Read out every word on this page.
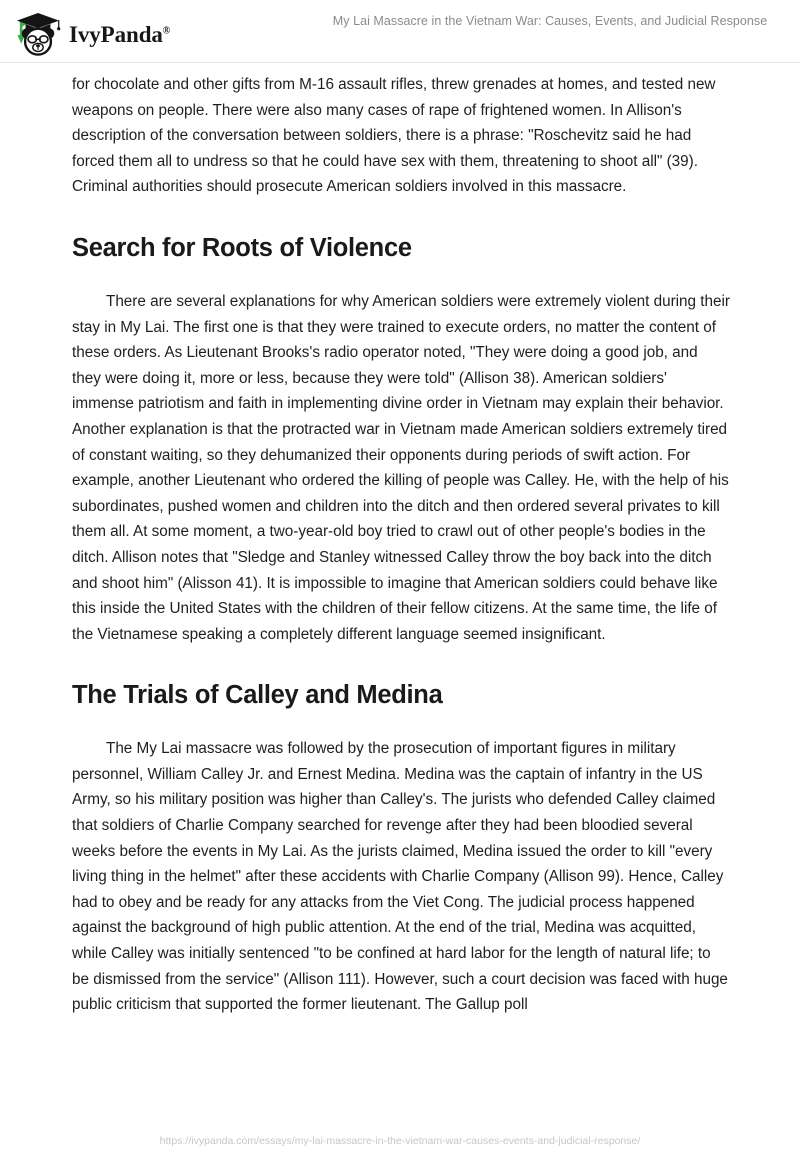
IvyPanda®
My Lai Massacre in the Vietnam War: Causes, Events, and Judicial Response

for chocolate and other gifts from M-16 assault rifles, threw grenades at homes, and tested new weapons on people. There were also many cases of rape of frightened women. In Allison's description of the conversation between soldiers, there is a phrase: "Roschevitz said he had forced them all to undress so that he could have sex with them, threatening to shoot all" (39). Criminal authorities should prosecute American soldiers involved in this massacre.

Search for Roots of Violence

There are several explanations for why American soldiers were extremely violent during their stay in My Lai. The first one is that they were trained to execute orders, no matter the content of these orders. As Lieutenant Brooks's radio operator noted, "They were doing a good job, and they were doing it, more or less, because they were told" (Allison 38). American soldiers' immense patriotism and faith in implementing divine order in Vietnam may explain their behavior. Another explanation is that the protracted war in Vietnam made American soldiers extremely tired of constant waiting, so they dehumanized their opponents during periods of swift action. For example, another Lieutenant who ordered the killing of people was Calley. He, with the help of his subordinates, pushed women and children into the ditch and then ordered several privates to kill them all. At some moment, a two-year-old boy tried to crawl out of other people's bodies in the ditch. Allison notes that "Sledge and Stanley witnessed Calley throw the boy back into the ditch and shoot him" (Alisson 41). It is impossible to imagine that American soldiers could behave like this inside the United States with the children of their fellow citizens. At the same time, the life of the Vietnamese speaking a completely different language seemed insignificant.

The Trials of Calley and Medina

The My Lai massacre was followed by the prosecution of important figures in military personnel, William Calley Jr. and Ernest Medina. Medina was the captain of infantry in the US Army, so his military position was higher than Calley's. The jurists who defended Calley claimed that soldiers of Charlie Company searched for revenge after they had been bloodied several weeks before the events in My Lai. As the jurists claimed, Medina issued the order to kill "every living thing in the helmet" after these accidents with Charlie Company (Allison 99). Hence, Calley had to obey and be ready for any attacks from the Viet Cong. The judicial process happened against the background of high public attention. At the end of the trial, Medina was acquitted, while Calley was initially sentenced "to be confined at hard labor for the length of natural life; to be dismissed from the service" (Allison 111). However, such a court decision was faced with huge public criticism that supported the former lieutenant. The Gallup poll

https://ivypanda.com/essays/my-lai-massacre-in-the-vietnam-war-causes-events-and-judicial-response/
